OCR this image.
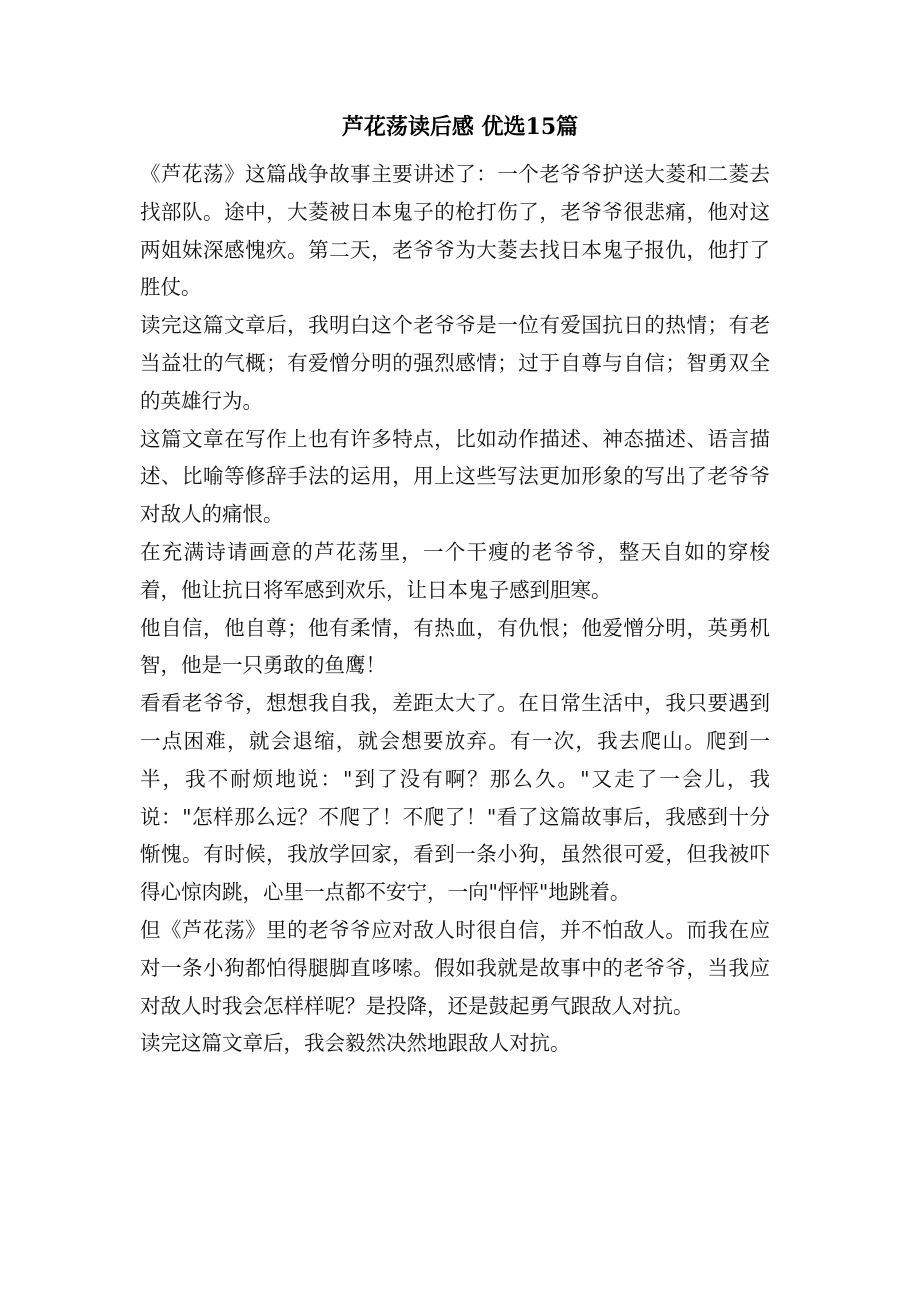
芦花荡读后感 优选15篇

《芦花荡》这篇战争故事主要讲述了：一个老爷爷护送大菱和二菱去找部队。途中，大菱被日本鬼子的枪打伤了，老爷爷很悲痛，他对这两姐妹深感愧疚。第二天，老爷爷为大菱去找日本鬼子报仇，他打了胜仗。

读完这篇文章后，我明白这个老爷爷是一位有爱国抗日的热情；有老当益壮的气概；有爱憎分明的强烈感情；过于自尊与自信；智勇双全的英雄行为。

这篇文章在写作上也有许多特点，比如动作描述、神态描述、语言描述、比喻等修辞手法的运用，用上这些写法更加形象的写出了老爷爷对敌人的痛恨。

在充满诗请画意的芦花荡里，一个干瘦的老爷爷，整天自如的穿梭着，他让抗日将军感到欢乐，让日本鬼子感到胆寒。

他自信，他自尊；他有柔情，有热血，有仇恨；他爱憎分明，英勇机智，他是一只勇敢的鱼鹰！

看看老爷爷，想想我自我，差距太大了。在日常生活中，我只要遇到一点困难，就会退缩，就会想要放弃。有一次，我去爬山。爬到一半，我不耐烦地说："到了没有啊？那么久。"又走了一会儿，我说："怎样那么远？不爬了！不爬了！"看了这篇故事后，我感到十分惭愧。有时候，我放学回家，看到一条小狗，虽然很可爱，但我被吓得心惊肉跳，心里一点都不安宁，一向"怦怦"地跳着。

但《芦花荡》里的老爷爷应对敌人时很自信，并不怕敌人。而我在应对一条小狗都怕得腿脚直哆嗦。假如我就是故事中的老爷爷，当我应对敌人时我会怎样样呢？是投降，还是鼓起勇气跟敌人对抗。

读完这篇文章后，我会毅然决然地跟敌人对抗。
